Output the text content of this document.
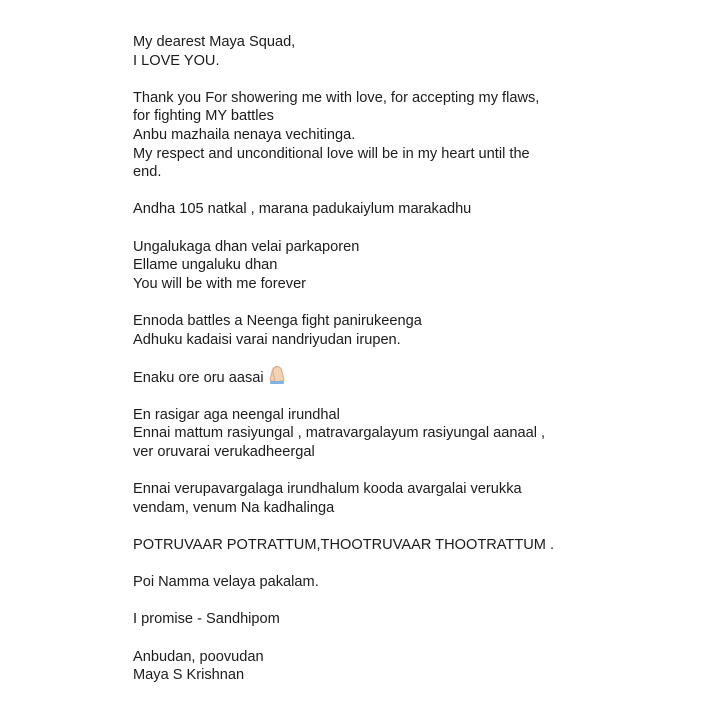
My dearest Maya Squad,
I LOVE YOU.
Thank you For showering me with love, for accepting my flaws,
for fighting MY battles
Anbu mazhaila nenaya vechitinga.
My respect and unconditional love will be in my heart until the
end.
Andha 105 natkal , marana padukaiylum marakadhu
Ungalukaga dhan velai parkaporen
Ellame ungaluku dhan
You will be with me forever
Ennoda battles a Neenga fight panirukeenga
Adhuku kadaisi varai nandriyudan irupen.
Enaku ore oru aasai
En rasigar aga neengal irundhal
Ennai mattum rasiyungal , matravargalayum rasiyungal aanaal ,
ver oruvarai verukadheergal
Ennai verupavargalaga irundhalum kooda avargalai verukka
vendam, venum Na kadhalinga
POTRUVAAR POTRATTUM,THOOTRUVAAR THOOTRATTUM .
Poi Namma velaya pakalam.
I promise - Sandhipom
Anbudan, poovudan
Maya S Krishnan
